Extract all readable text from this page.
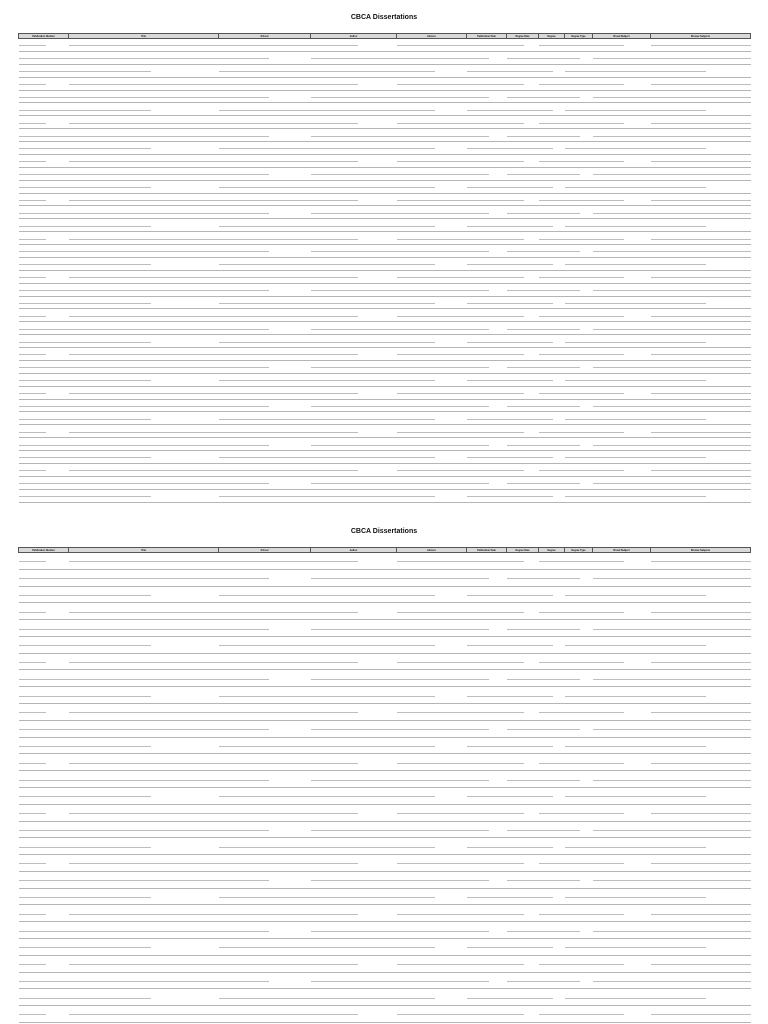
CBCA Dissertations
Publication Number	Title	School	Author	Advisor	Publication Date	Degree Date	Degree	Degree Type	Broad Subject	Browse Subjects

CBCA Dissertations
Publication Number	Title	School	Author	Advisor	Publication Date	Degree Date	Degree	Degree Type	Broad Subject	Browse Subjects
